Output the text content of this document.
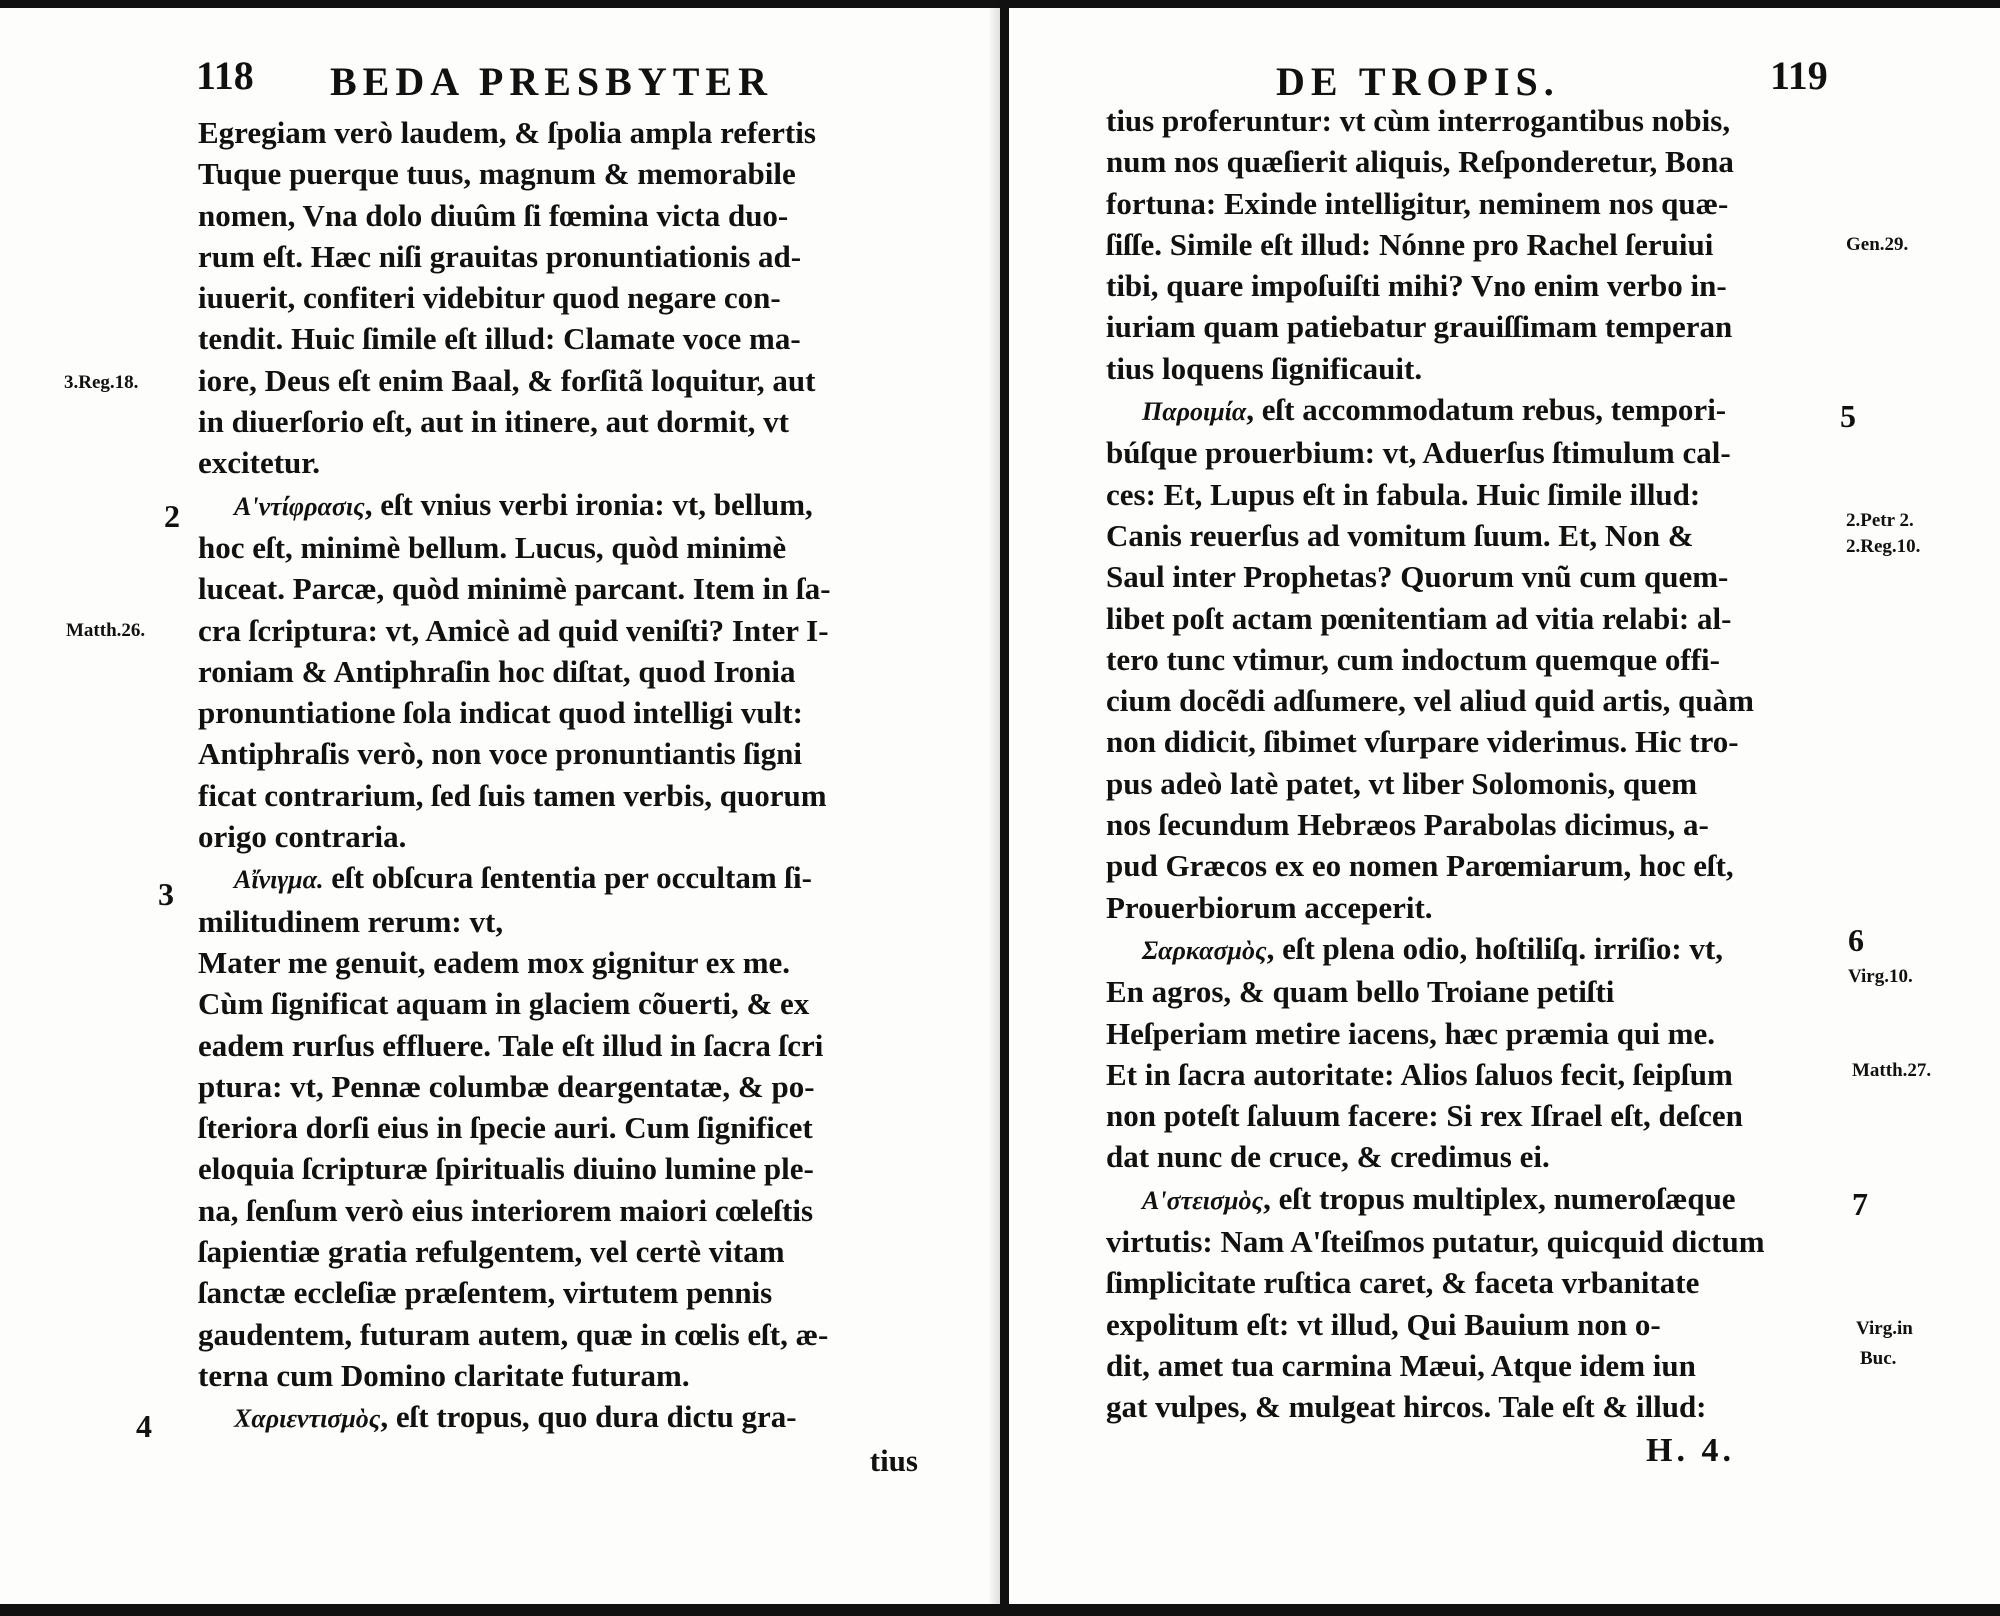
118 BEDA PRESBYTER
Egregiam verò laudem, & ſpolia ampla refertis
Tuque puerque tuus, magnum & memorabile
nomen, Vna dolo diuûm ſi fœmina victa duo-
rum eſt. Hæc niſi grauitas pronuntiationis ad-
iuuerit, confiteri videbitur quod negare con-
tendit. Huic ſimile eſt illud: Clamate voce ma-
iore, Deus eſt enim Baal, & forſitã loquitur, aut
in diuerſorio eſt, aut in itinere, aut dormit, vt
excitetur.
Α'ντίφρασις, eſt vnius verbi ironia: vt, bellum,
hoc eſt, minimè bellum. Lucus, quòd minimè
luceat. Parcæ, quòd minimè parcant. Item in ſa-
cra ſcriptura: vt, Amicè ad quid veniſti? Inter I-
roniam & Antiphraſin hoc diſtat, quod Ironia
pronuntiatione ſola indicat quod intelligi vult:
Antiphraſis verò, non voce pronuntiantis ſigni
ficat contrarium, ſed ſuis tamen verbis, quorum
origo contraria.
Αἴνιγμα. eſt obſcura ſententia per occultam ſi-
militudinem rerum: vt,
Mater me genuit, eadem mox gignitur ex me.
Cùm ſignificat aquam in glaciem cõuerti, & ex
eadem rurſus effluere. Tale eſt illud in ſacra ſcri
ptura: vt, Pennæ columbæ deargentatæ, & po-
ſteriora dorſi eius in ſpecie auri. Cum ſignificet
eloquia ſcripturæ ſpiritualis diuino lumine ple-
na, ſenſum verò eius interiorem maiori cœleſtis
ſapientiæ gratia refulgentem, vel certè vitam
ſanctæ eccleſiæ præſentem, virtutem pennis
gaudentem, futuram autem, quæ in cœlis eſt, æ-
terna cum Domino claritate futuram.
Χαριεντισμὸς, eſt tropus, quo dura dictu gra-
tius
3.Reg.18.
2
Matth.26.
3
4
DE TROPIS.	119
tius proferuntur: vt cùm interrogantibus nobis,
num nos quæſierit aliquis, Reſponderetur, Bona
fortuna: Exinde intelligitur, neminem nos quæ-
ſiſſe. Simile eſt illud: Nónne pro Rachel ſeruiui
tibi, quare impoſuiſti mihi? Vno enim verbo in-
iuriam quam patiebatur grauiſſimam temperan
tius loquens ſignificauit.
Παροιμία, eſt accommodatum rebus, tempori-
búſque prouerbium: vt, Aduerſus ſtimulum cal-
ces: Et, Lupus eſt in fabula. Huic ſimile illud:
Canis reuerſus ad vomitum ſuum. Et, Non &
Saul inter Prophetas? Quorum vnũ cum quem-
libet poſt actam pœnitentiam ad vitia relabi: al-
tero tunc vtimur, cum indoctum quemque offi-
cium docẽdi adſumere, vel aliud quid artis, quàm
non didicit, ſibimet vſurpare viderimus. Hic tro-
pus adeò latè patet, vt liber Solomonis, quem
nos ſecundum Hebræos Parabolas dicimus, a-
pud Græcos ex eo nomen Parœmiarum, hoc eſt,
Prouerbiorum acceperit.
Σαρκασμὸς, eſt plena odio, hoſtiliſq. irriſio: vt,
En agros, & quam bello Troiane petiſti
Heſperiam metire iacens, hæc præmia qui me.
Et in ſacra autoritate: Alios ſaluos fecit, ſeipſum
non poteſt ſaluum facere: Si rex Iſrael eſt, deſcen
dat nunc de cruce, & credimus ei.
Α'στεισμὸς, eſt tropus multiplex, numeroſæque
virtutis: Nam A'ſteiſmos putatur, quicquid dictum
ſimplicitate ruſtica caret, & faceta vrbanitate
expolitum eſt: vt illud, Qui Bauium non o-
dit, amet tua carmina Mæui, Atque idem iun
gat vulpes, & mulgeat hircos. Tale eſt & illud:
H. 4.
Gen.29.
5
2.Petr 2.
2.Reg.10.
6
Virg.10.
Matth.27.
7
Virg.in
Buc.
